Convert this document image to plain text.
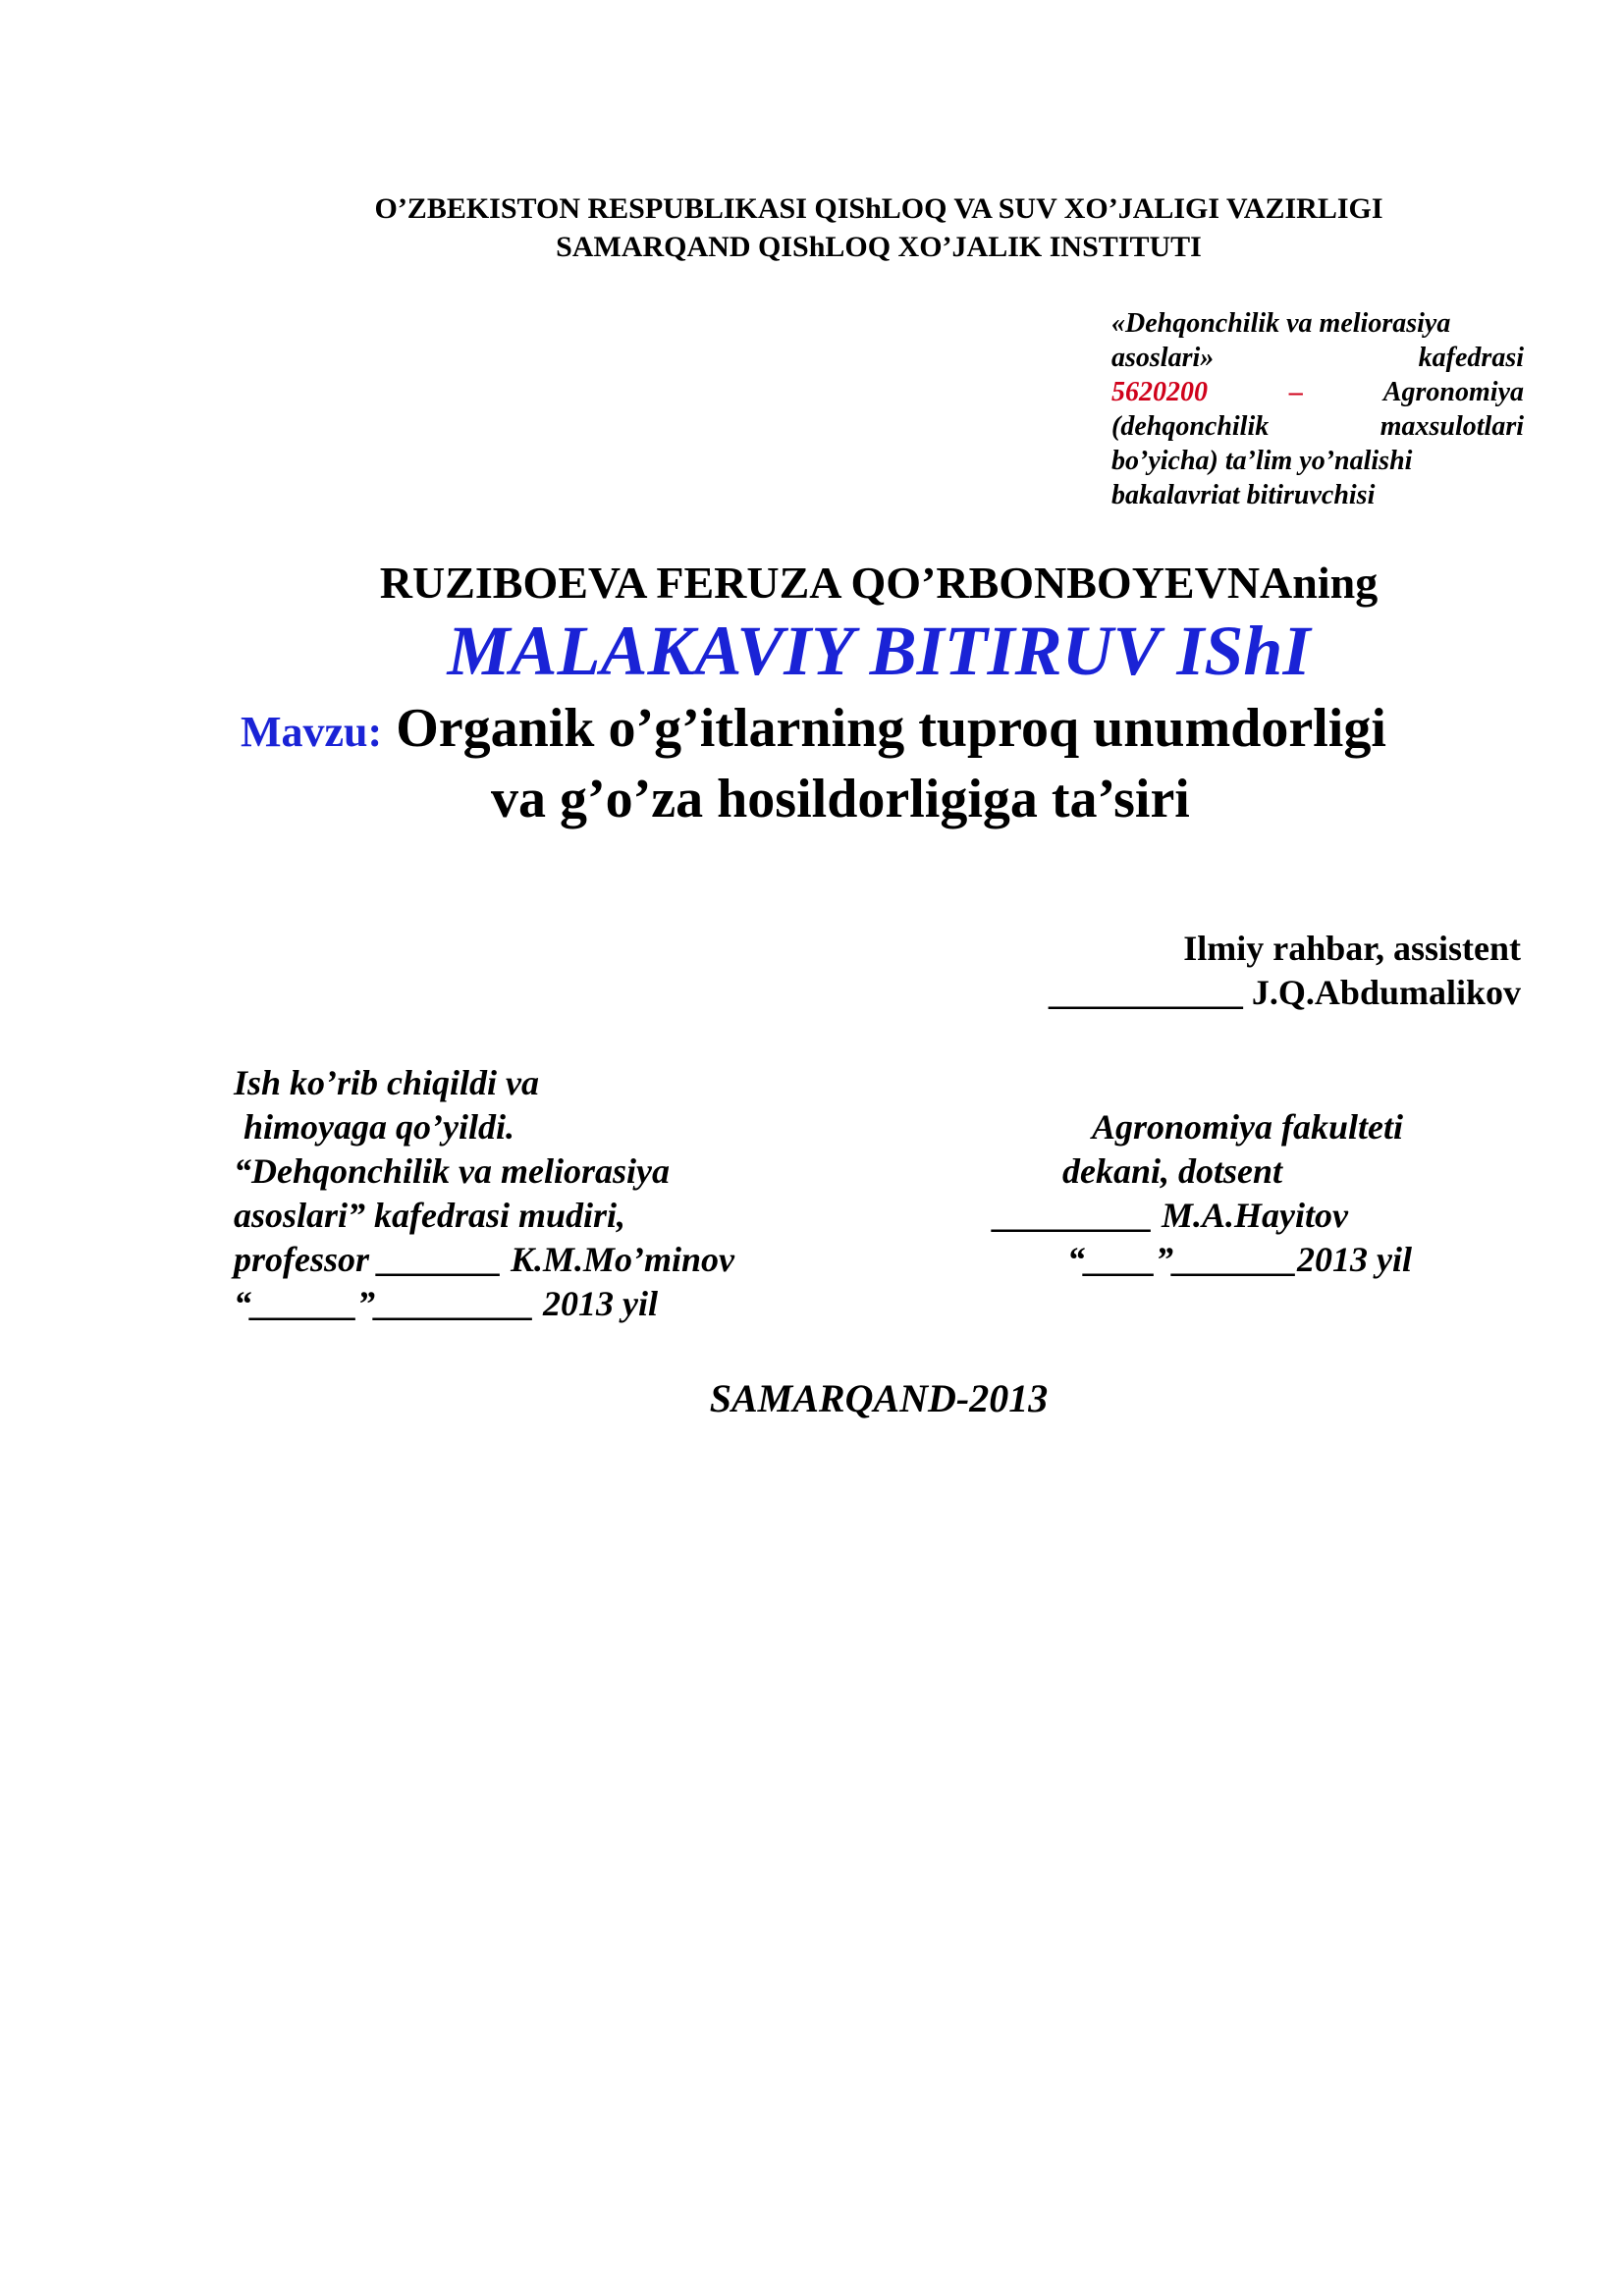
O’ZBEKISTON RESPUBLIKASI QIShLOQ VA SUV XO’JALIGI VAZIRLIGI
SAMARQAND QIShLOQ XO’JALIK INSTITUTI
«Dehqonchilik va meliorasiya
asoslari»	kafedrasi
5620200	–	Agronomiya
(dehqonchilik	maxsulotlari
bo’yicha) ta’lim yo’nalishi
bakalavriat bitiruvchisi
RUZIBOEVA FERUZA QO’RBONBOYEVNAning
MALAKAVIY BITIRUV IShI
Mavzu: Organik o’g’itlarning tuproq unumdorligi
va g’o’za hosildorligiga ta’siri
Ilmiy rahbar, assistent
___________ J.Q.Abdumalikov
Ish ko’rib chiqildi va
himoyaga qo’yildi.
“Dehqonchilik va meliorasiya
asoslari” kafedrasi mudiri,
professor _______ K.M.Mo’minov
“______”_________ 2013 yil
Agronomiya fakulteti
dekani, dotsent
_________ M.A.Hayitov
“____”_______2013 yil
SAMARQAND-2013
